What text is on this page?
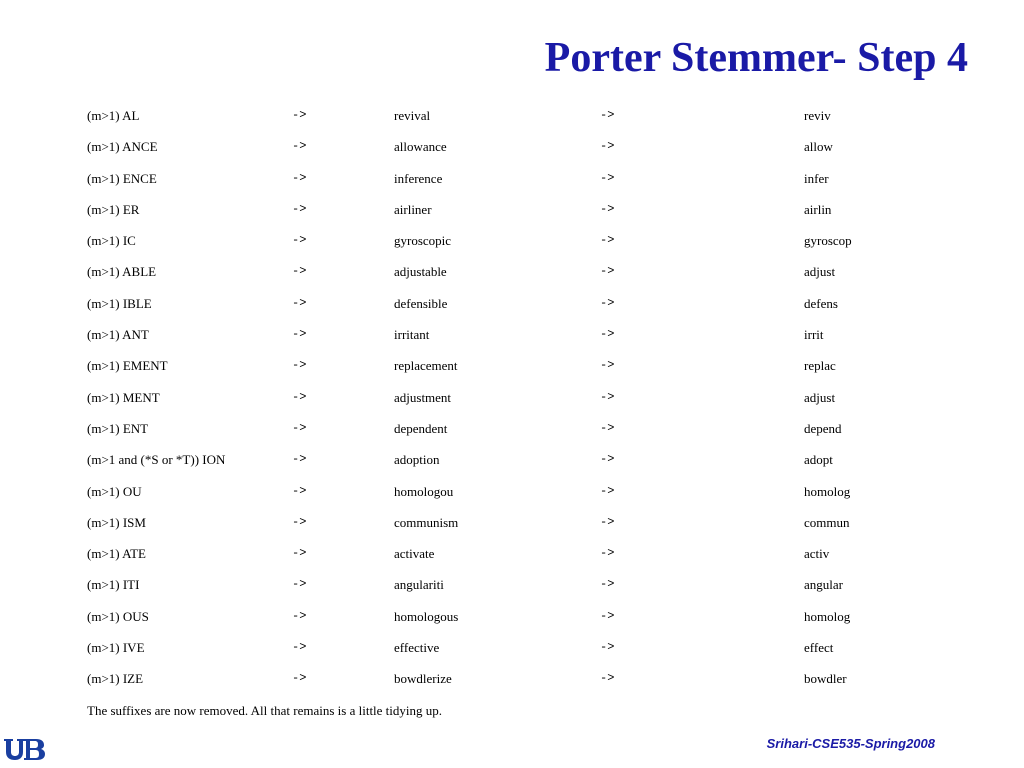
Porter Stemmer- Step 4
(m>1) AL	->	revival	->	reviv
(m>1) ANCE	->	allowance	->	allow
(m>1) ENCE	->	inference	->	infer
(m>1) ER	->	airliner	->	airlin
(m>1) IC	->	gyroscopic	->	gyroscop
(m>1) ABLE	->	adjustable	->	adjust
(m>1) IBLE	->	defensible	->	defens
(m>1) ANT	->	irritant	->	irrit
(m>1) EMENT	->	replacement	->	replac
(m>1) MENT	->	adjustment	->	adjust
(m>1) ENT	->	dependent	->	depend
(m>1 and (*S or *T)) ION	->	adoption	->	adopt
(m>1) OU	->	homologou	->	homolog
(m>1) ISM	->	communism	->	commun
(m>1) ATE	->	activate	->	activ
(m>1) ITI	->	angulariti	->	angular
(m>1) OUS	->	homologous	->	homolog
(m>1) IVE	->	effective	->	effect
(m>1) IZE	->	bowdlerize	->	bowdler
The suffixes are now removed. All that remains is a little tidying up.
Srihari-CSE535-Spring2008
